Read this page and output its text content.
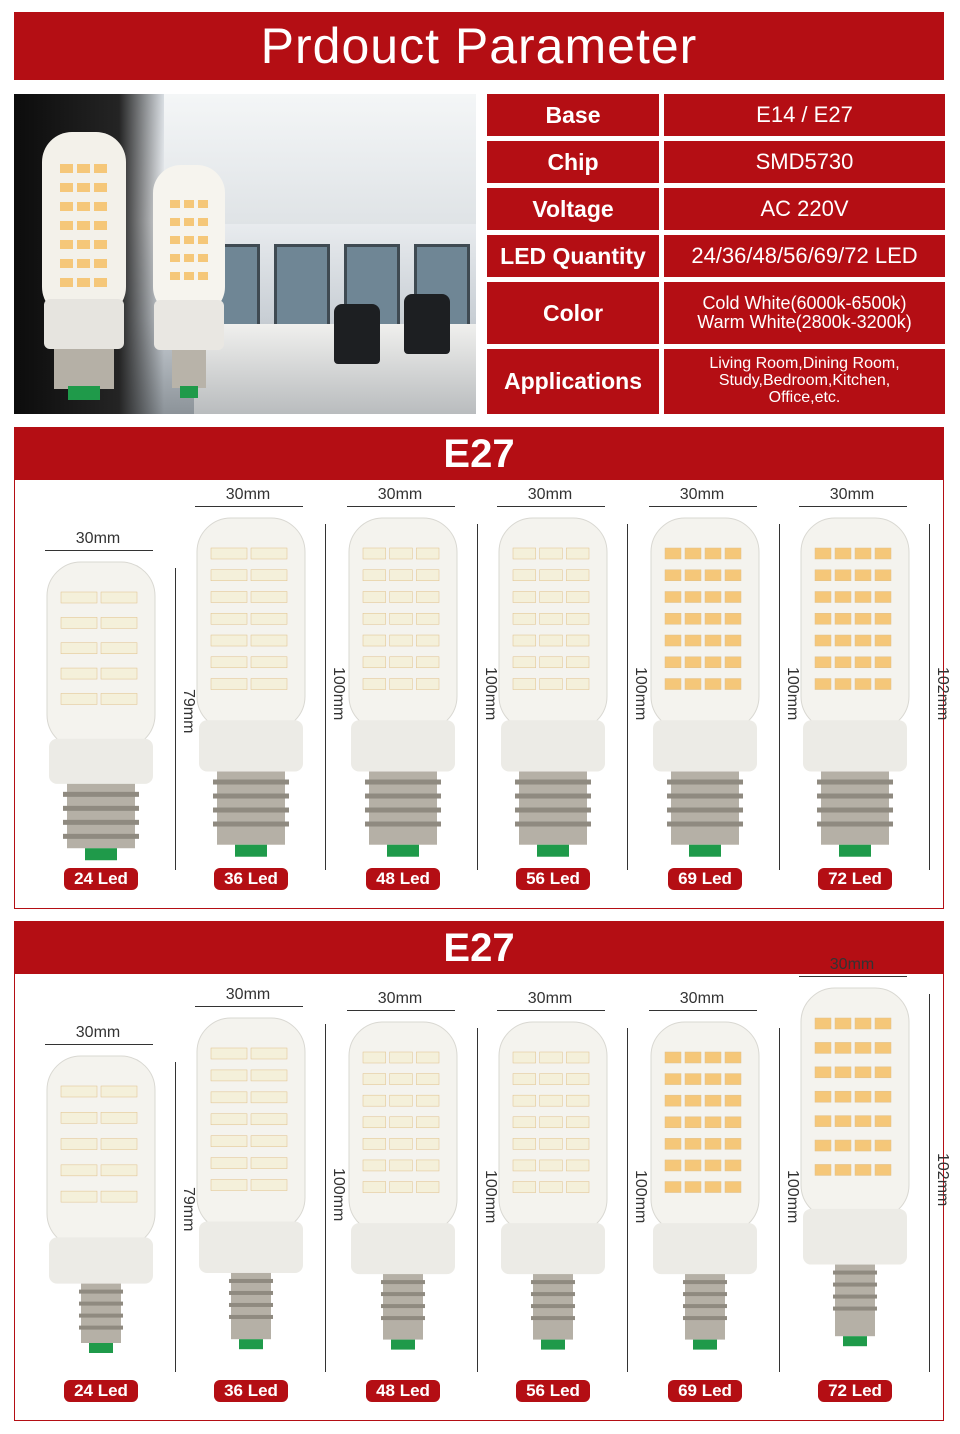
Prdouct Parameter
Base	E14 / E27
Chip	SMD5730
Voltage	AC 220V
LED Quantity	24/36/48/56/69/72 LED
Color	Cold White(6000k-6500k)
Warm White(2800k-3200k)
Applications
Living Room,Dining Room,
Study,Bedroom,Kitchen,
Office,etc.
E27
30mm
79mm
24 Led
30mm
100mm
36 Led
30mm
100mm
48 Led
30mm
100mm
56 Led
30mm
100mm
69 Led
30mm
102mm
72 Led
E27
30mm
79mm
24 Led
30mm
100mm
36 Led
30mm
100mm
48 Led
30mm
100mm
56 Led
30mm
100mm
69 Led
30mm
102mm
72 Led
